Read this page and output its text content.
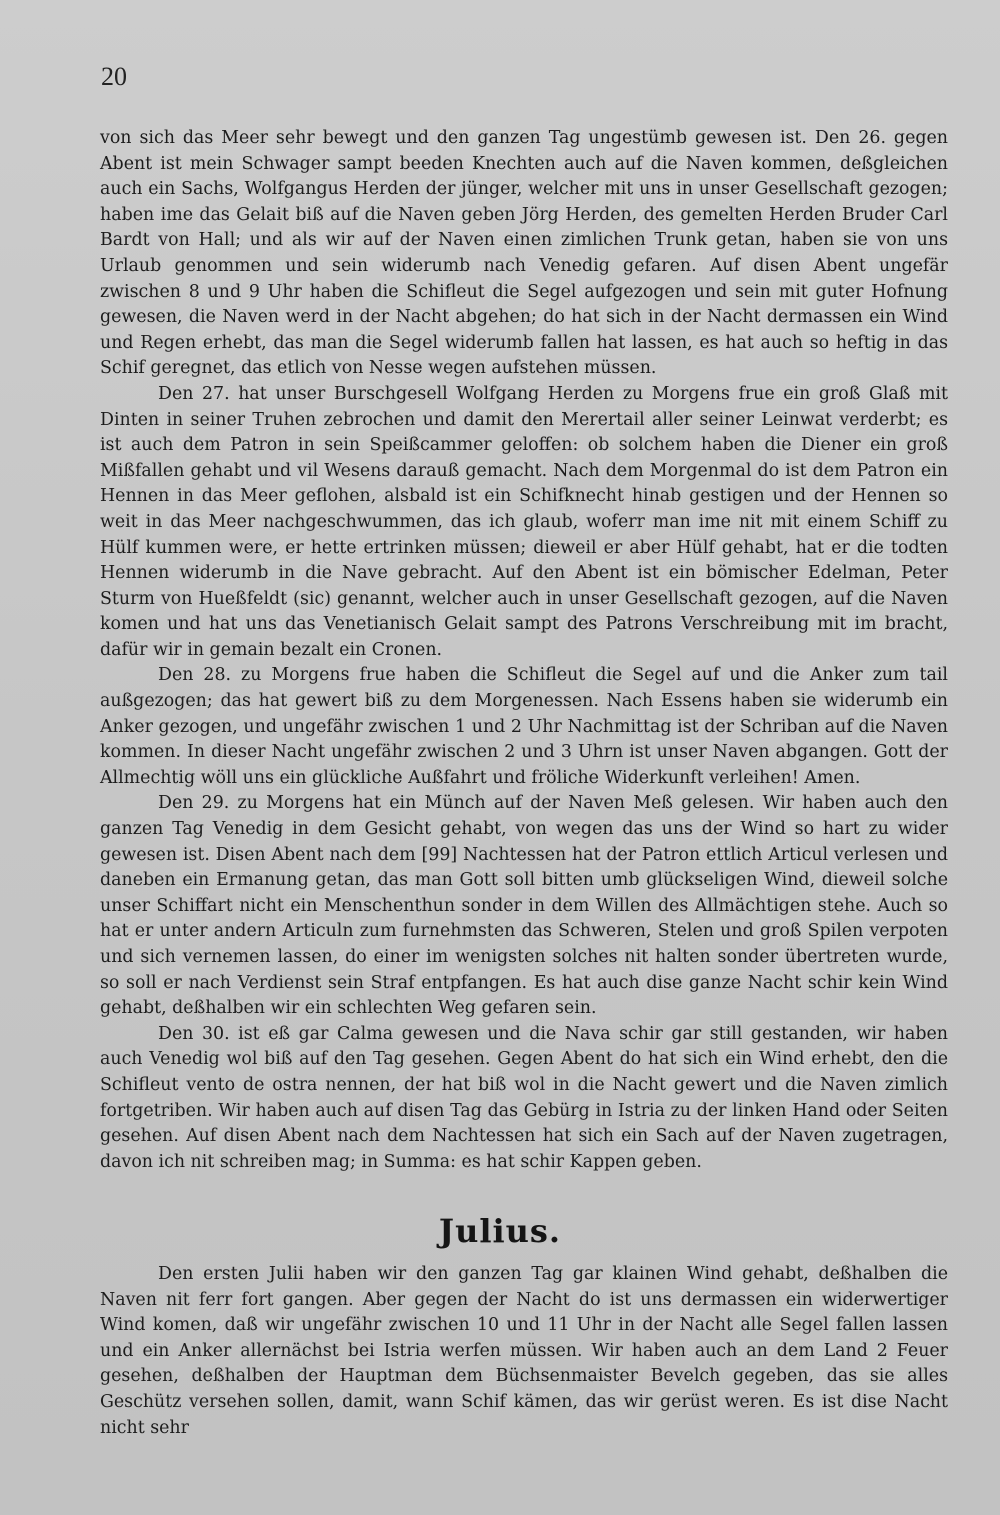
20

von sich das Meer sehr bewegt und den ganzen Tag ungestümb gewesen ist. Den 26. gegen Abent ist mein Schwager sampt beeden Knechten auch auf die Naven kommen, deßgleichen auch ein Sachs, Wolfgangus Herden der jünger, welcher mit uns in unser Gesellschaft gezogen; haben ime das Gelait biß auf die Naven geben Jörg Herden, des gemelten Herden Bruder Carl Bardt von Hall; und als wir auf der Naven einen zimlichen Trunk getan, haben sie von uns Urlaub genommen und sein widerumb nach Venedig gefaren. Auf disen Abent ungefär zwischen 8 und 9 Uhr haben die Schifleut die Segel aufgezogen und sein mit guter Hofnung gewesen, die Naven werd in der Nacht abgehen; do hat sich in der Nacht dermassen ein Wind und Regen erhebt, das man die Segel widerumb fallen hat lassen, es hat auch so heftig in das Schif geregnet, das etlich von Nesse wegen aufstehen müssen.

Den 27. hat unser Burschgesell Wolfgang Herden zu Morgens frue ein groß Glaß mit Dinten in seiner Truhen zebrochen und damit den Merertail aller seiner Leinwat verderbt; es ist auch dem Patron in sein Speißcammer geloffen: ob solchem haben die Diener ein groß Mißfallen gehabt und vil Wesens darauß gemacht. Nach dem Morgenmal do ist dem Patron ein Hennen in das Meer geflohen, alsbald ist ein Schifknecht hinab gestigen und der Hennen so weit in das Meer nachgeschwummen, das ich glaub, woferr man ime nit mit einem Schiff zu Hülf kummen were, er hette ertrinken müssen; dieweil er aber Hülf gehabt, hat er die todten Hennen widerumb in die Nave gebracht. Auf den Abent ist ein bömischer Edelman, Peter Sturm von Hueßfeldt (sic) genannt, welcher auch in unser Gesellschaft gezogen, auf die Naven komen und hat uns das Venetianisch Gelait sampt des Patrons Verschreibung mit im bracht, dafür wir in gemain bezalt ein Cronen.

Den 28. zu Morgens frue haben die Schifleut die Segel auf und die Anker zum tail außgezogen; das hat gewert biß zu dem Morgenessen. Nach Essens haben sie widerumb ein Anker gezogen, und ungefähr zwischen 1 und 2 Uhr Nachmittag ist der Schriban auf die Naven kommen. In dieser Nacht ungefähr zwischen 2 und 3 Uhrn ist unser Naven abgangen. Gott der Allmechtig wöll uns ein glückliche Außfahrt und fröliche Widerkunft verleihen! Amen.

Den 29. zu Morgens hat ein Münch auf der Naven Meß gelesen. Wir haben auch den ganzen Tag Venedig in dem Gesicht gehabt, von wegen das uns der Wind so hart zu wider gewesen ist. Disen Abent nach dem [99] Nachtessen hat der Patron ettlich Articul verlesen und daneben ein Ermanung getan, das man Gott soll bitten umb glückseligen Wind, dieweil solche unser Schiffart nicht ein Menschenthun sonder in dem Willen des Allmächtigen stehe. Auch so hat er unter andern Articuln zum furnehmsten das Schweren, Stelen und groß Spilen verpoten und sich vernemen lassen, do einer im wenigsten solches nit halten sonder übertreten wurde, so soll er nach Verdienst sein Straf entpfangen. Es hat auch dise ganze Nacht schir kein Wind gehabt, deßhalben wir ein schlechten Weg gefaren sein.

Den 30. ist eß gar Calma gewesen und die Nava schir gar still gestanden, wir haben auch Venedig wol biß auf den Tag gesehen. Gegen Abent do hat sich ein Wind erhebt, den die Schifleut vento de ostra nennen, der hat biß wol in die Nacht gewert und die Naven zimlich fortgetriben. Wir haben auch auf disen Tag das Gebürg in Istria zu der linken Hand oder Seiten gesehen. Auf disen Abent nach dem Nachtessen hat sich ein Sach auf der Naven zugetragen, davon ich nit schreiben mag; in Summa: es hat schir Kappen geben.

Julius.

Den ersten Julii haben wir den ganzen Tag gar klainen Wind gehabt, deßhalben die Naven nit ferr fort gangen. Aber gegen der Nacht do ist uns dermassen ein widerwertiger Wind komen, daß wir ungefähr zwischen 10 und 11 Uhr in der Nacht alle Segel fallen lassen und ein Anker allernächst bei Istria werfen müssen. Wir haben auch an dem Land 2 Feuer gesehen, deßhalben der Hauptman dem Büchsenmaister Bevelch gegeben, das sie alles Geschütz versehen sollen, damit, wann Schif kämen, das wir gerüst weren. Es ist dise Nacht nicht sehr
